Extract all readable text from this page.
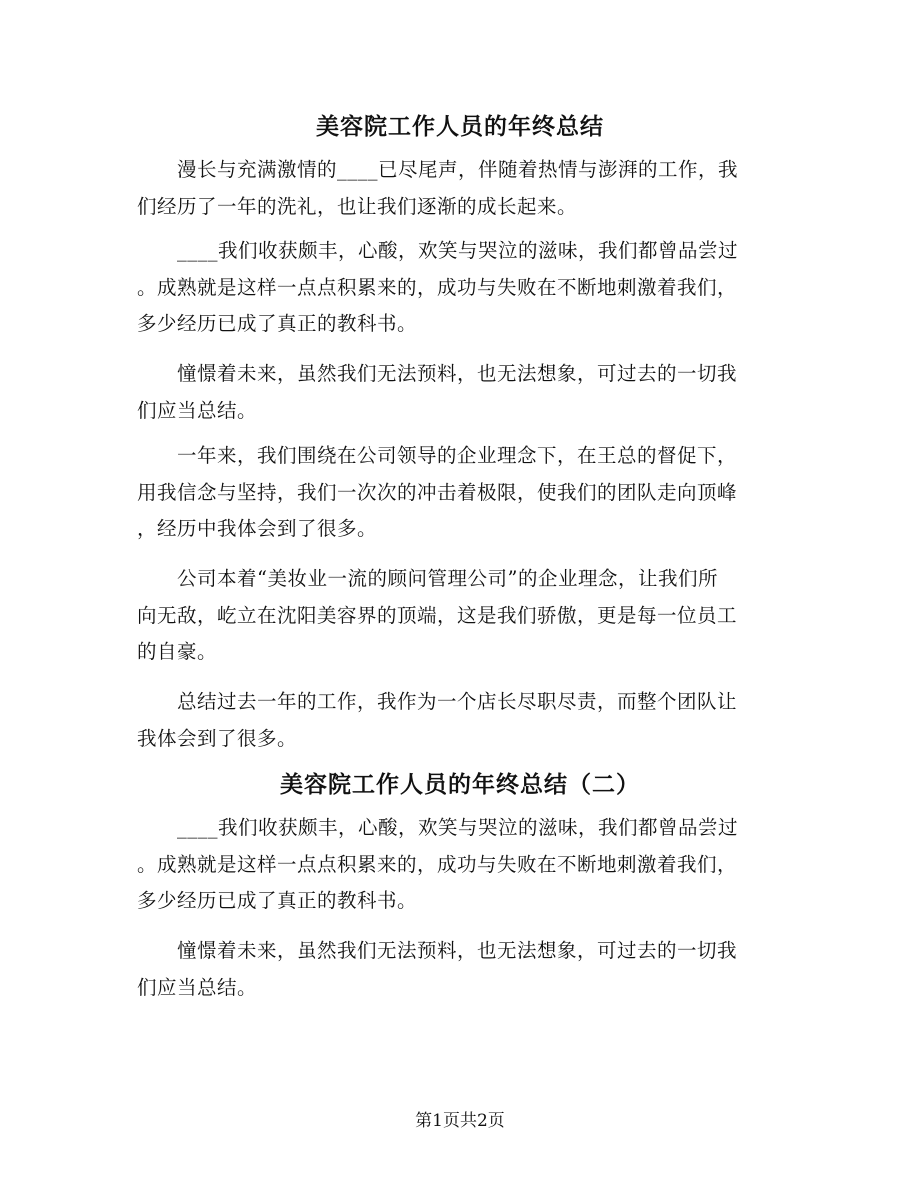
美容院工作人员的年终总结

　　漫长与充满激情的____已尽尾声，伴随着热情与澎湃的工作，我
们经历了一年的洗礼，也让我们逐渐的成长起来。

　　____我们收获颇丰，心酸，欢笑与哭泣的滋味，我们都曾品尝过
。成熟就是这样一点点积累来的，成功与失败在不断地刺激着我们，
多少经历已成了真正的教科书。

　　憧憬着未来，虽然我们无法预料，也无法想象，可过去的一切我
们应当总结。

　　一年来，我们围绕在公司领导的企业理念下，在王总的督促下，
用我信念与坚持，我们一次次的冲击着极限，使我们的团队走向顶峰
，经历中我体会到了很多。

　　公司本着“美妆业一流的顾问管理公司”的企业理念，让我们所
向无敌，屹立在沈阳美容界的顶端，这是我们骄傲，更是每一位员工
的自豪。

　　总结过去一年的工作，我作为一个店长尽职尽责，而整个团队让
我体会到了很多。

美容院工作人员的年终总结（二）

　　____我们收获颇丰，心酸，欢笑与哭泣的滋味，我们都曾品尝过
。成熟就是这样一点点积累来的，成功与失败在不断地刺激着我们，
多少经历已成了真正的教科书。

　　憧憬着未来，虽然我们无法预料，也无法想象，可过去的一切我
们应当总结。

第1页共2页
